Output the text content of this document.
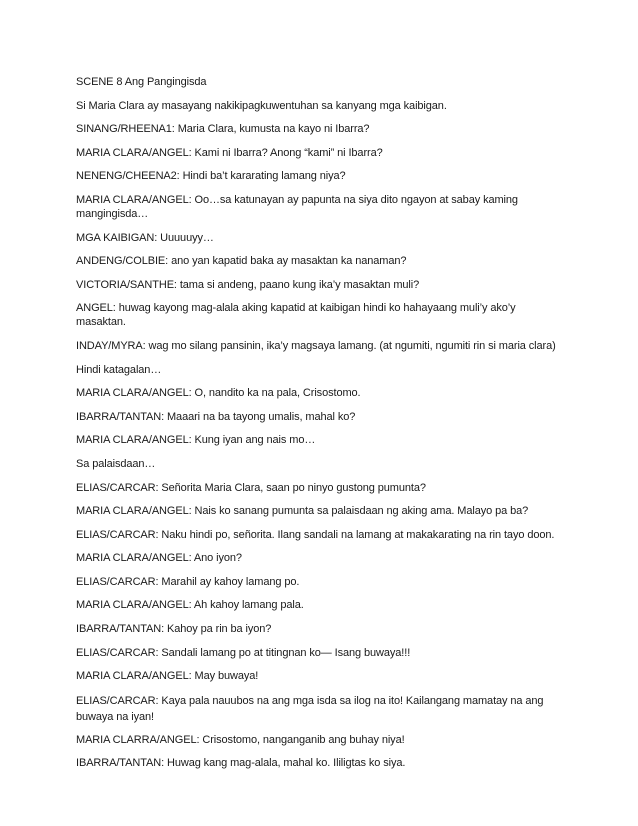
SCENE 8 Ang Pangingisda

Si Maria Clara ay masayang nakikipagkuwentuhan sa kanyang mga kaibigan.

SINANG/RHEENA1: Maria Clara, kumusta na kayo ni Ibarra?

MARIA CLARA/ANGEL: Kami ni Ibarra? Anong “kami” ni Ibarra?

NENENG/CHEENA2: Hindi ba’t kararating lamang niya?

MARIA CLARA/ANGEL: Oo…sa katunayan ay papunta na siya dito ngayon at sabay kaming mangingisda…

MGA KAIBIGAN: Uuuuuyy…

ANDENG/COLBIE: ano yan kapatid baka ay masaktan ka nanaman?

VICTORIA/SANTHE: tama si andeng, paano kung ika’y masaktan muli?

ANGEL: huwag kayong mag-alala aking kapatid at kaibigan hindi ko hahayaang muli’y ako’y masaktan.

INDAY/MYRA: wag mo silang pansinin, ika’y magsaya lamang. (at ngumiti, ngumiti rin si maria clara)

Hindi katagalan…

MARIA CLARA/ANGEL: O, nandito ka na pala, Crisostomo.

IBARRA/TANTAN: Maaari na ba tayong umalis, mahal ko?

MARIA CLARA/ANGEL: Kung iyan ang nais mo…

Sa palaisdaan…

ELIAS/CARCAR: Señorita Maria Clara, saan po ninyo gustong pumunta?

MARIA CLARA/ANGEL: Nais ko sanang pumunta sa palaisdaan ng aking ama. Malayo pa ba?

ELIAS/CARCAR: Naku hindi po, señorita. Ilang sandali na lamang at makakarating na rin tayo doon.

MARIA CLARA/ANGEL: Ano iyon?

ELIAS/CARCAR: Marahil ay kahoy lamang po.

MARIA CLARA/ANGEL: Ah kahoy lamang pala.

IBARRA/TANTAN: Kahoy pa rin ba iyon?

ELIAS/CARCAR: Sandali lamang po at titingnan ko— Isang buwaya!!!

MARIA CLARA/ANGEL: May buwaya!

ELIAS/CARCAR: Kaya pala nauubos na ang mga isda sa ilog na ito! Kailangang mamatay na ang buwaya na iyan!

MARIA CLARRA/ANGEL: Crisostomo, nanganganib ang buhay niya!

IBARRA/TANTAN: Huwag kang mag-alala, mahal ko. Ililigtas ko siya.
